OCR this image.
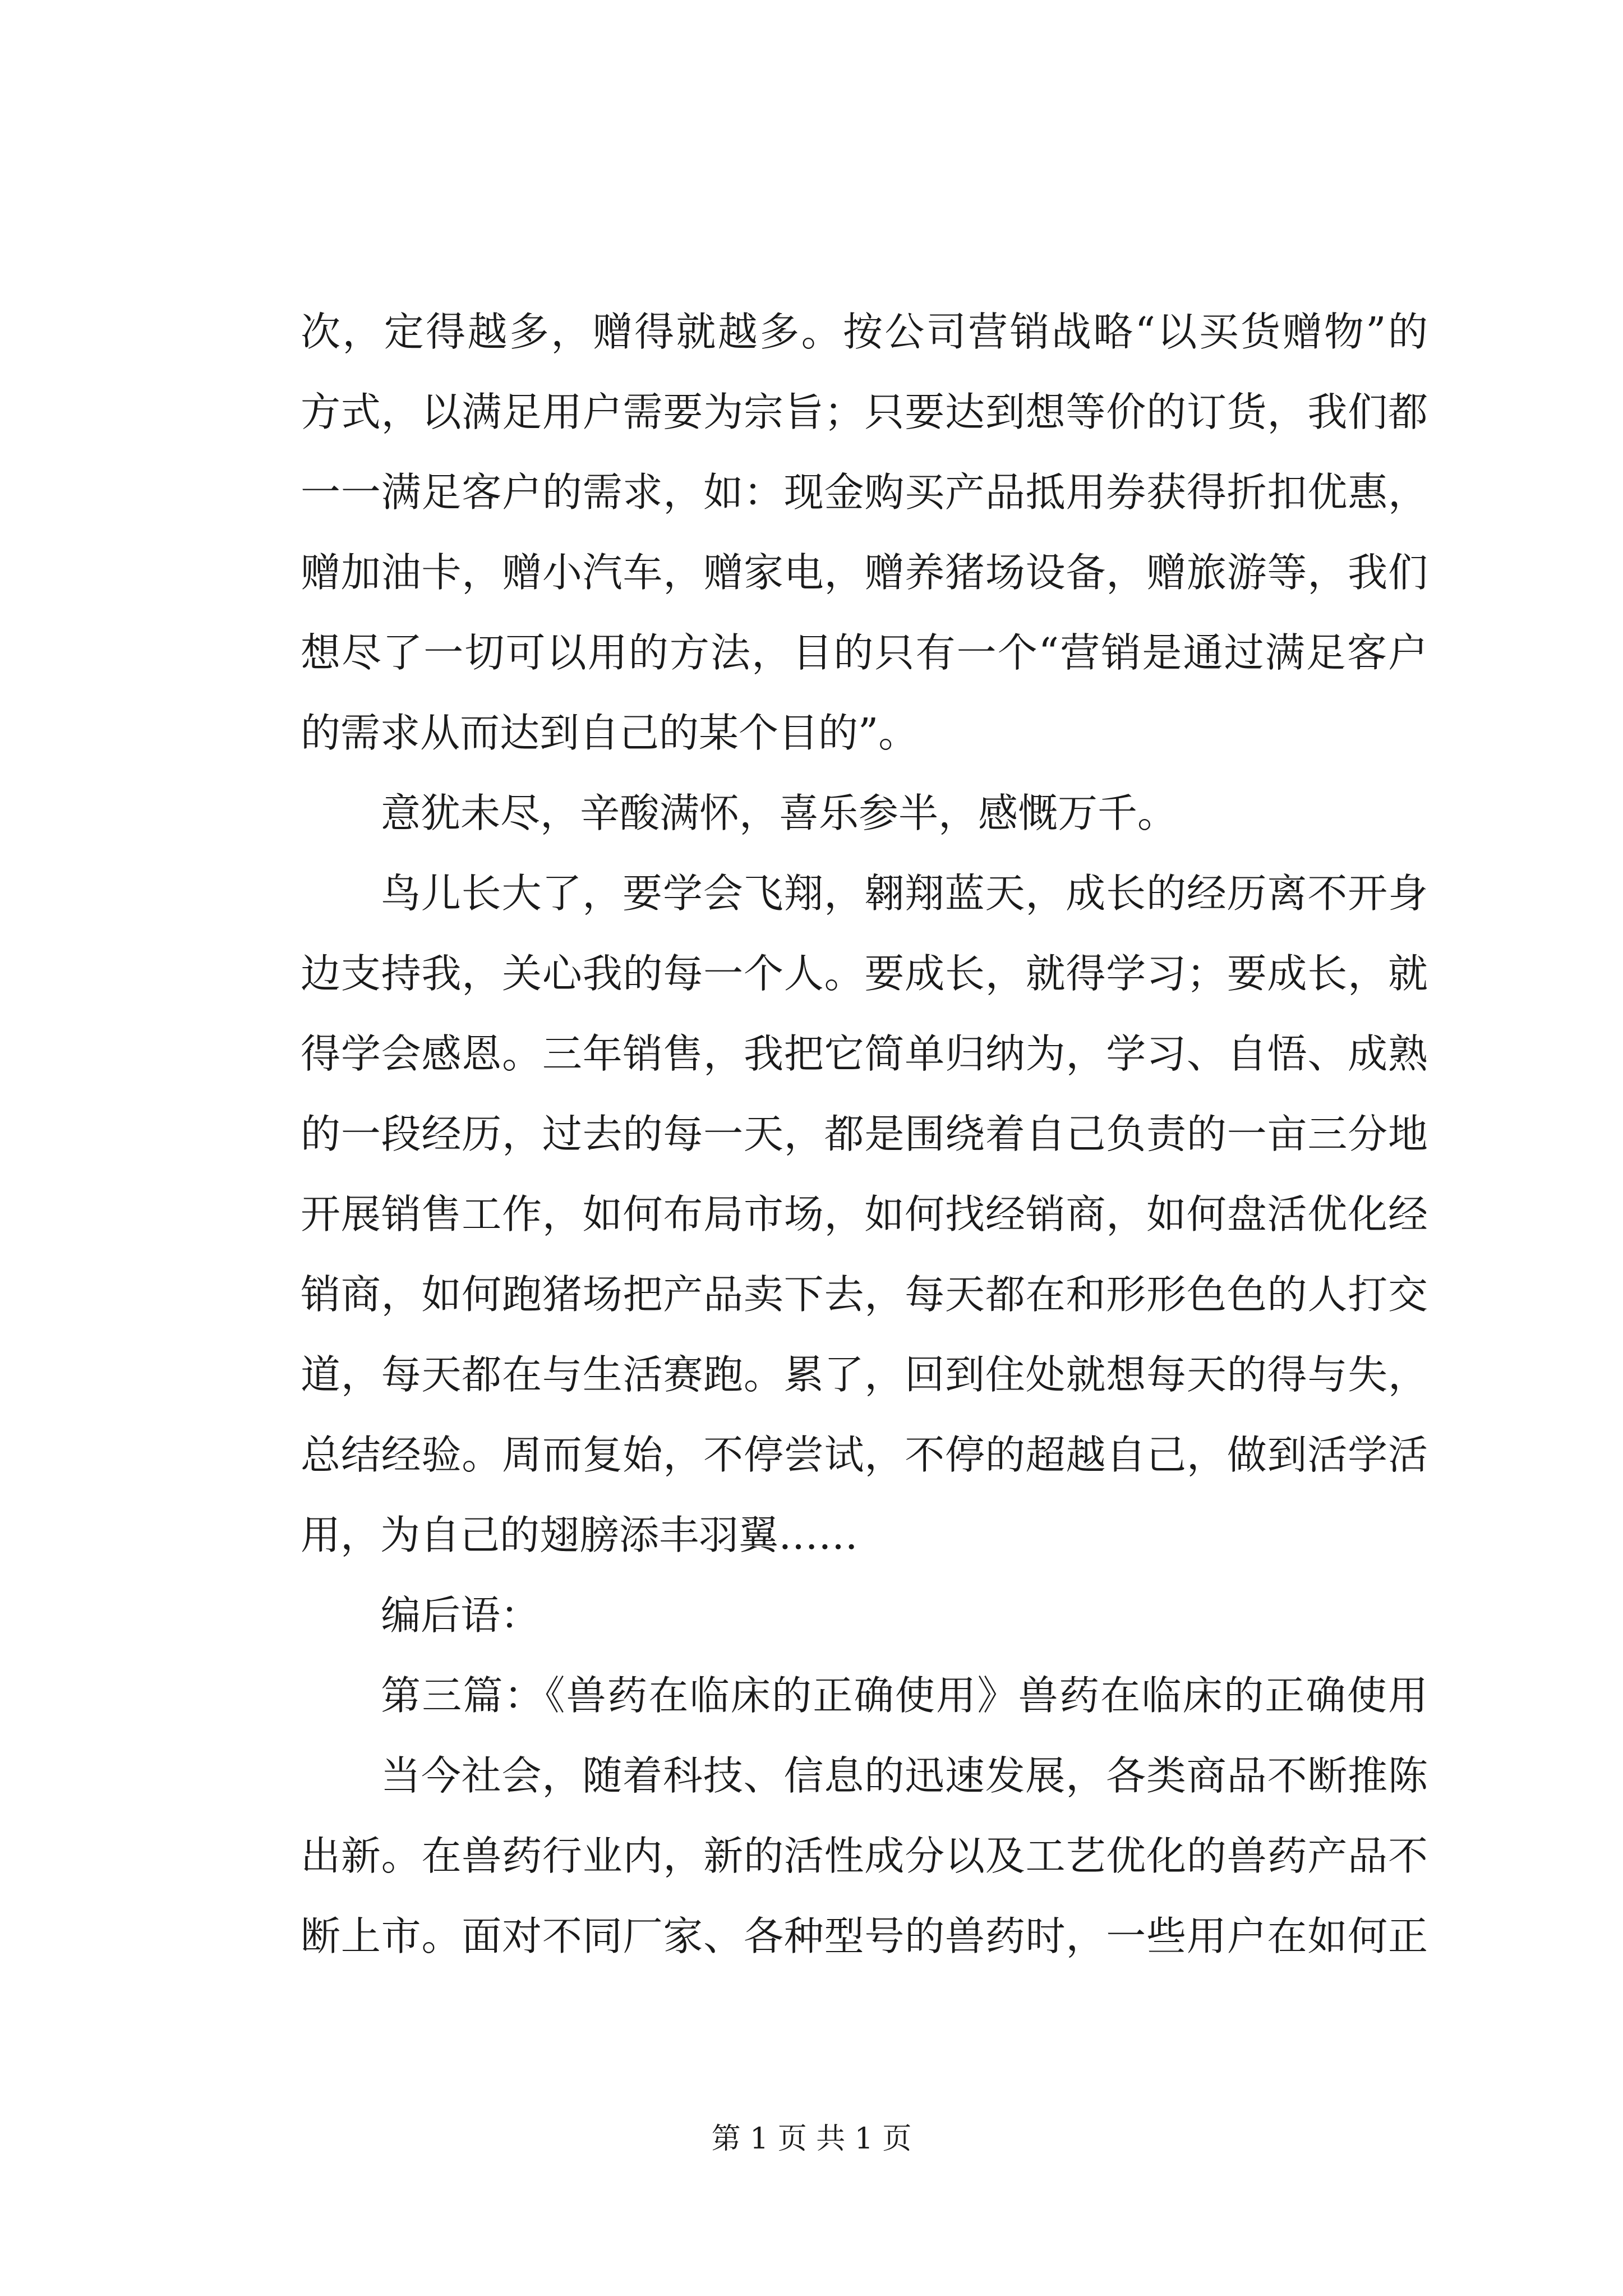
次，定得越多，赠得就越多。按公司营销战略“以买货赠物”的
方式，以满足用户需要为宗旨；只要达到想等价的订货，我们都
一一满足客户的需求，如：现金购买产品抵用券获得折扣优惠，
赠加油卡，赠小汽车，赠家电，赠养猪场设备，赠旅游等，我们
想尽了一切可以用的方法，目的只有一个“营销是通过满足客户
的需求从而达到自己的某个目的”。
意犹未尽，辛酸满怀，喜乐参半，感慨万千。
鸟儿长大了，要学会飞翔，翱翔蓝天，成长的经历离不开身
边支持我，关心我的每一个人。要成长，就得学习；要成长，就
得学会感恩。三年销售，我把它简单归纳为，学习、自悟、成熟
的一段经历，过去的每一天，都是围绕着自己负责的一亩三分地
开展销售工作，如何布局市场，如何找经销商，如何盘活优化经
销商，如何跑猪场把产品卖下去，每天都在和形形色色的人打交
道，每天都在与生活赛跑。累了，回到住处就想每天的得与失，
总结经验。周而复始，不停尝试，不停的超越自己，做到活学活
用，为自己的翅膀添丰羽翼……
编后语：
第三篇：《兽药在临床的正确使用》兽药在临床的正确使用
当今社会，随着科技、信息的迅速发展，各类商品不断推陈
出新。在兽药行业内，新的活性成分以及工艺优化的兽药产品不
断上市。面对不同厂家、各种型号的兽药时，一些用户在如何正
第 1 页 共 1 页
